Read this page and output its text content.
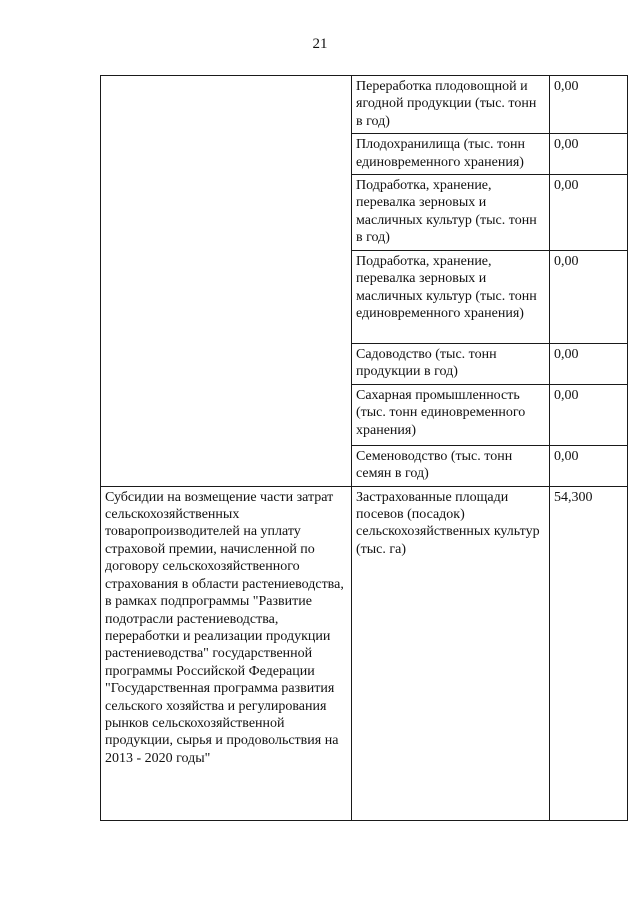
21
	Переработка плодовощной и ягодной продукции (тыс. тонн в год)	0,00
	Плодохранилища (тыс. тонн единовременного хранения)	0,00
	Подработка, хранение, перевалка зерновых и масличных культур (тыс. тонн в год)	0,00
	Подработка, хранение, перевалка зерновых и масличных культур (тыс. тонн единовременного хранения)	0,00
	Садоводство (тыс. тонн продукции в год)	0,00
	Сахарная промышленность (тыс. тонн единовременного хранения)	0,00
	Семеноводство (тыс. тонн семян в год)	0,00
Субсидии на возмещение части затрат сельскохозяйственных товаропроизводителей на уплату страховой премии, начисленной по договору сельскохозяйственного страхования в области растениеводства, в рамках подпрограммы "Развитие подотрасли растениеводства, переработки и реализации продукции растениеводства" государственной программы Российской Федерации "Государственная программа развития сельского хозяйства и регулирования рынков сельскохозяйственной продукции, сырья и продовольствия на 2013 - 2020 годы"	Застрахованные площади посевов (посадок) сельскохозяйственных культур (тыс. га)	54,300
